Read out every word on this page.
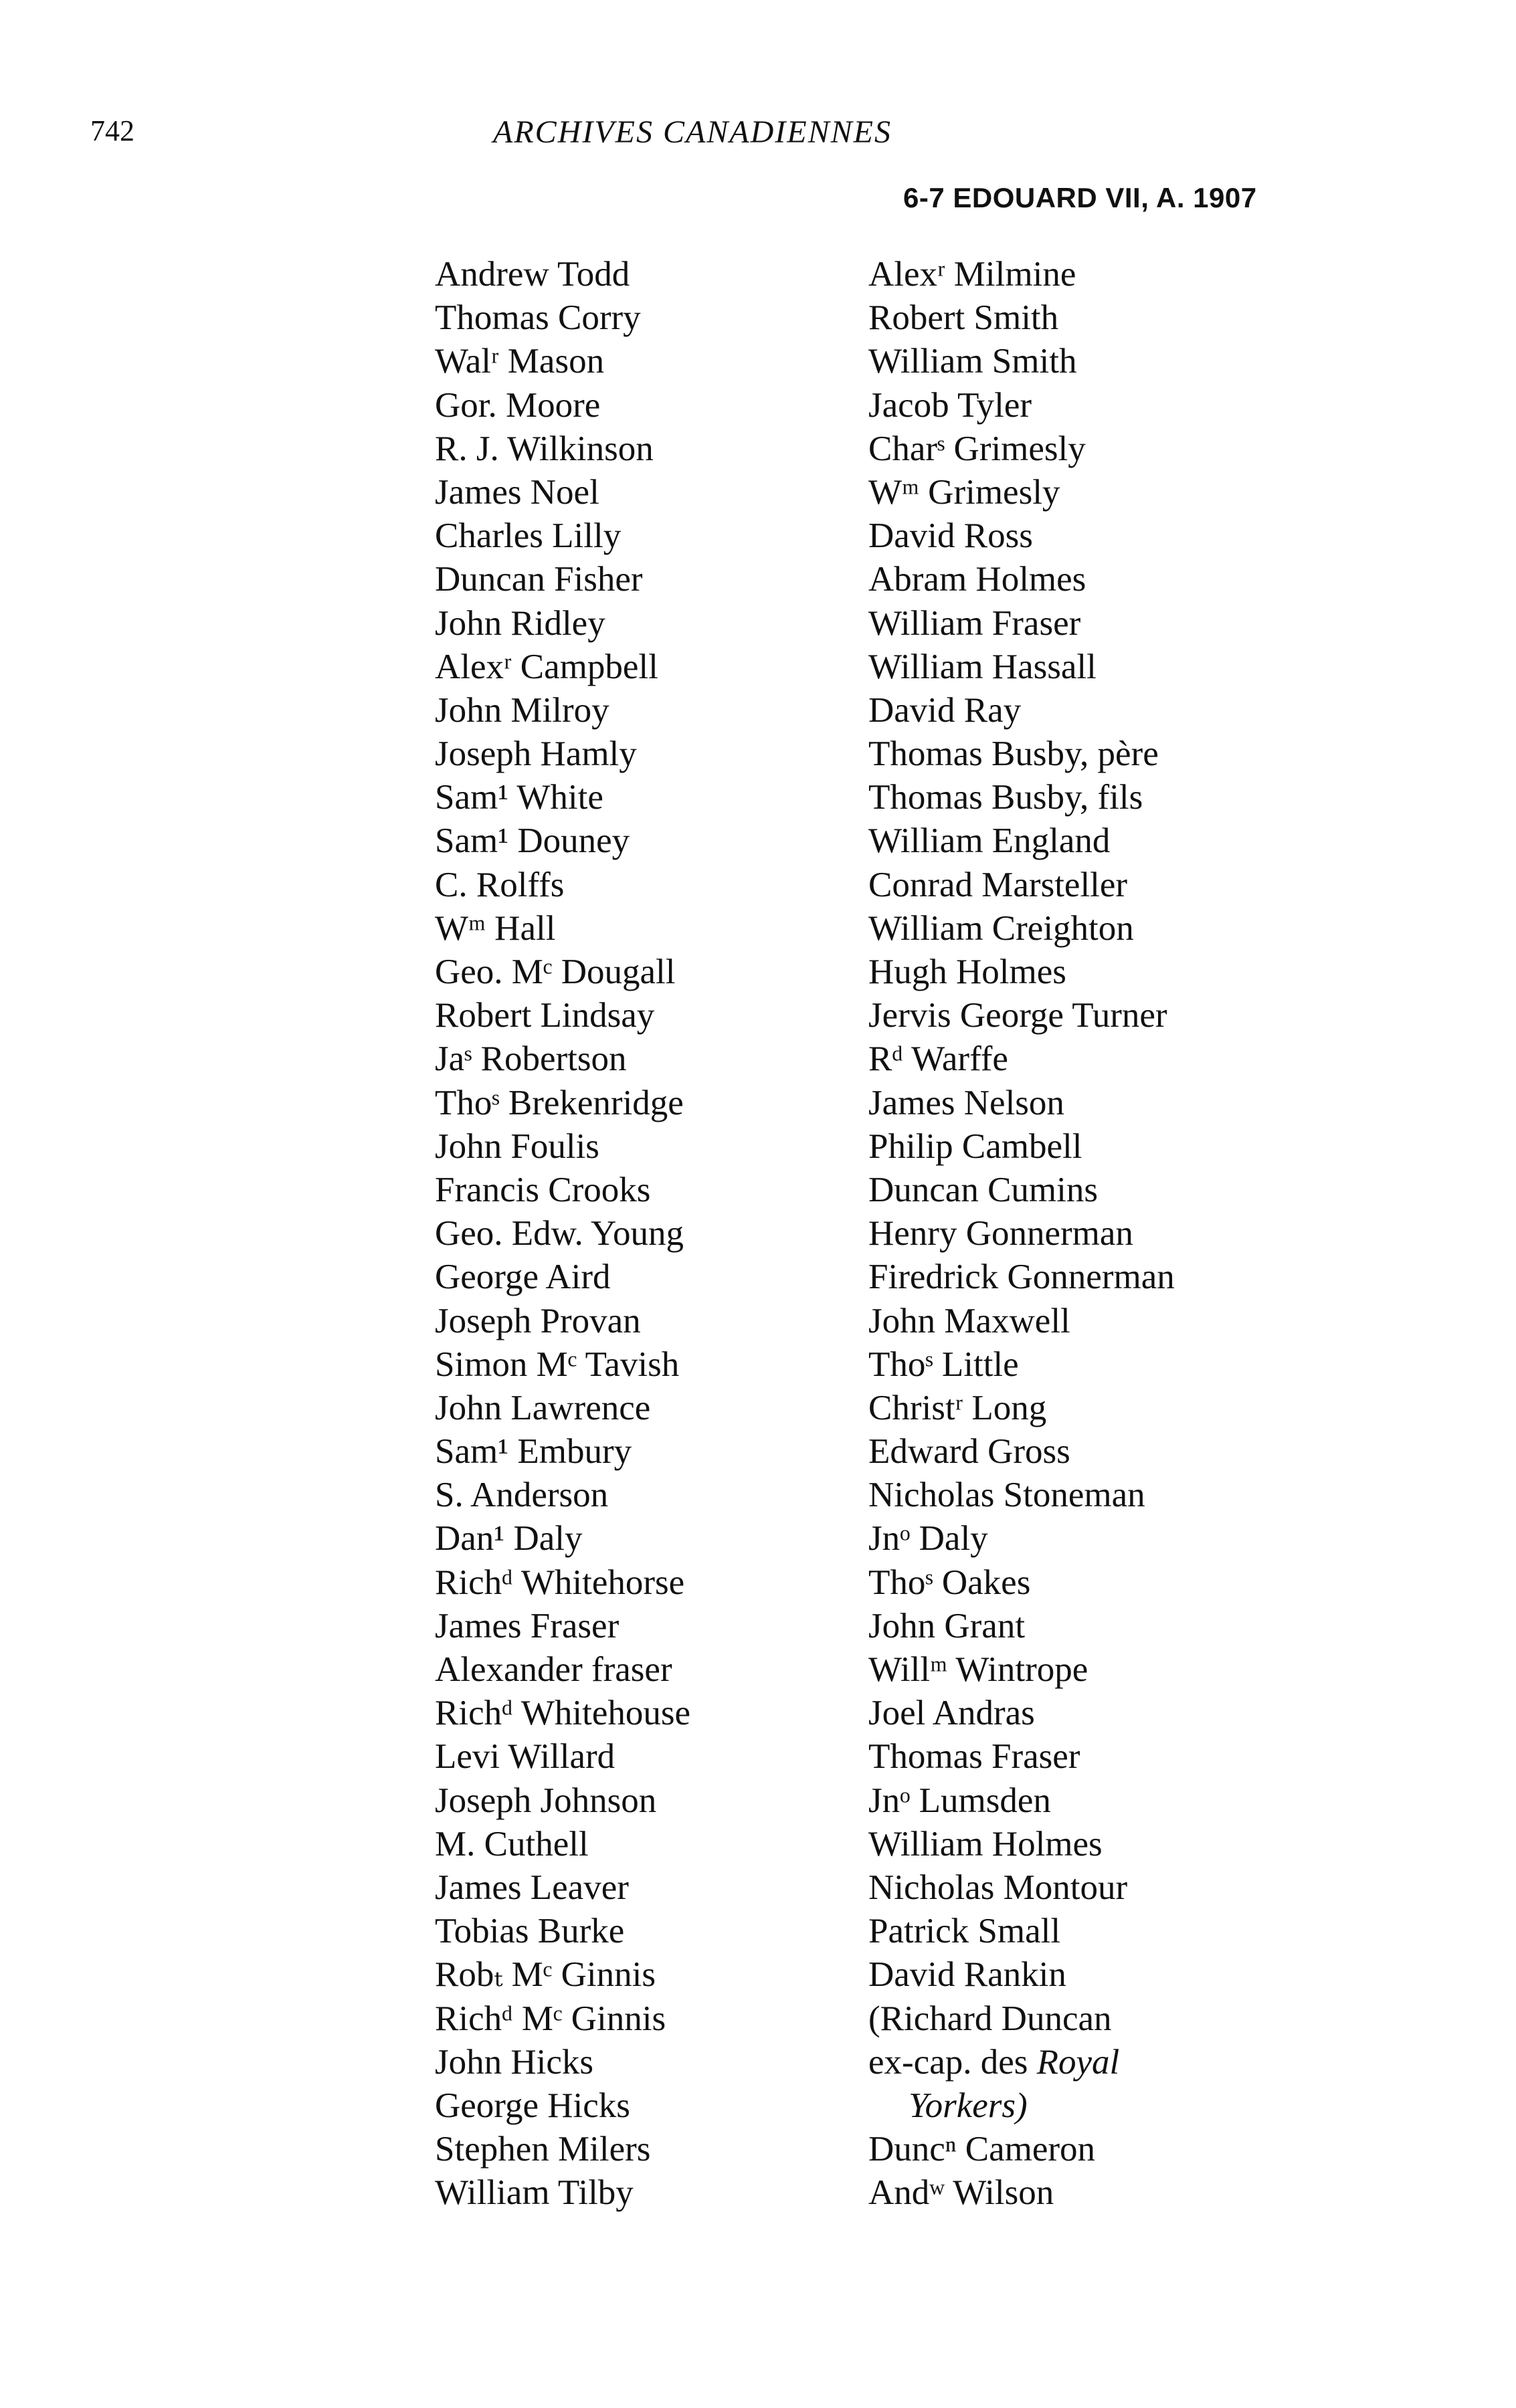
742	ARCHIVES CANADIENNES
6-7 EDOUARD VII, A. 1907
Andrew Todd
Thomas Corry
Walʳ Mason
Gor. Moore
R. J. Wilkinson
James Noel
Charles Lilly
Duncan Fisher
John Ridley
Alexʳ Campbell
John Milroy
Joseph Hamly
Sam¹ White
Sam¹ Douney
C. Rolffs
Wᵐ Hall
Geo. Mᶜ Dougall
Robert Lindsay
Jaˢ Robertson
Thoˢ Brekenridge
John Foulis
Francis Crooks
Geo. Edw. Young
George Aird
Joseph Provan
Simon Mᶜ Tavish
John Lawrence
Sam¹ Embury
S. Anderson
Dan¹ Daly
Richᵈ Whitehorse
James Fraser
Alexander fraser
Richᵈ Whitehouse
Levi Willard
Joseph Johnson
M. Cuthell
James Leaver
Tobias Burke
Robₜ Mᶜ Ginnis
Richᵈ Mᶜ Ginnis
John Hicks
George Hicks
Stephen Milers
William Tilby
Alexʳ Milmine
Robert Smith
William Smith
Jacob Tyler
Charˢ Grimesly
Wᵐ Grimesly
David Ross
Abram Holmes
William Fraser
William Hassall
David Ray
Thomas Busby, père
Thomas Busby, fils
William England
Conrad Marsteller
William Creighton
Hugh Holmes
Jervis George Turner
Rᵈ Warffe
James Nelson
Philip Cambell
Duncan Cumins
Henry Gonnerman
Firedrick Gonnerman
John Maxwell
Thoˢ Little
Christʳ Long
Edward Gross
Nicholas Stoneman
Jnᵒ Daly
Thoˢ Oakes
John Grant
Willᵐ Wintrope
Joel Andras
Thomas Fraser
Jnᵒ Lumsden
William Holmes
Nicholas Montour
Patrick Small
David Rankin
(Richard Duncan
ex-cap. des Royal
Yorkers)
Duncⁿ Cameron
Andʷ Wilson
